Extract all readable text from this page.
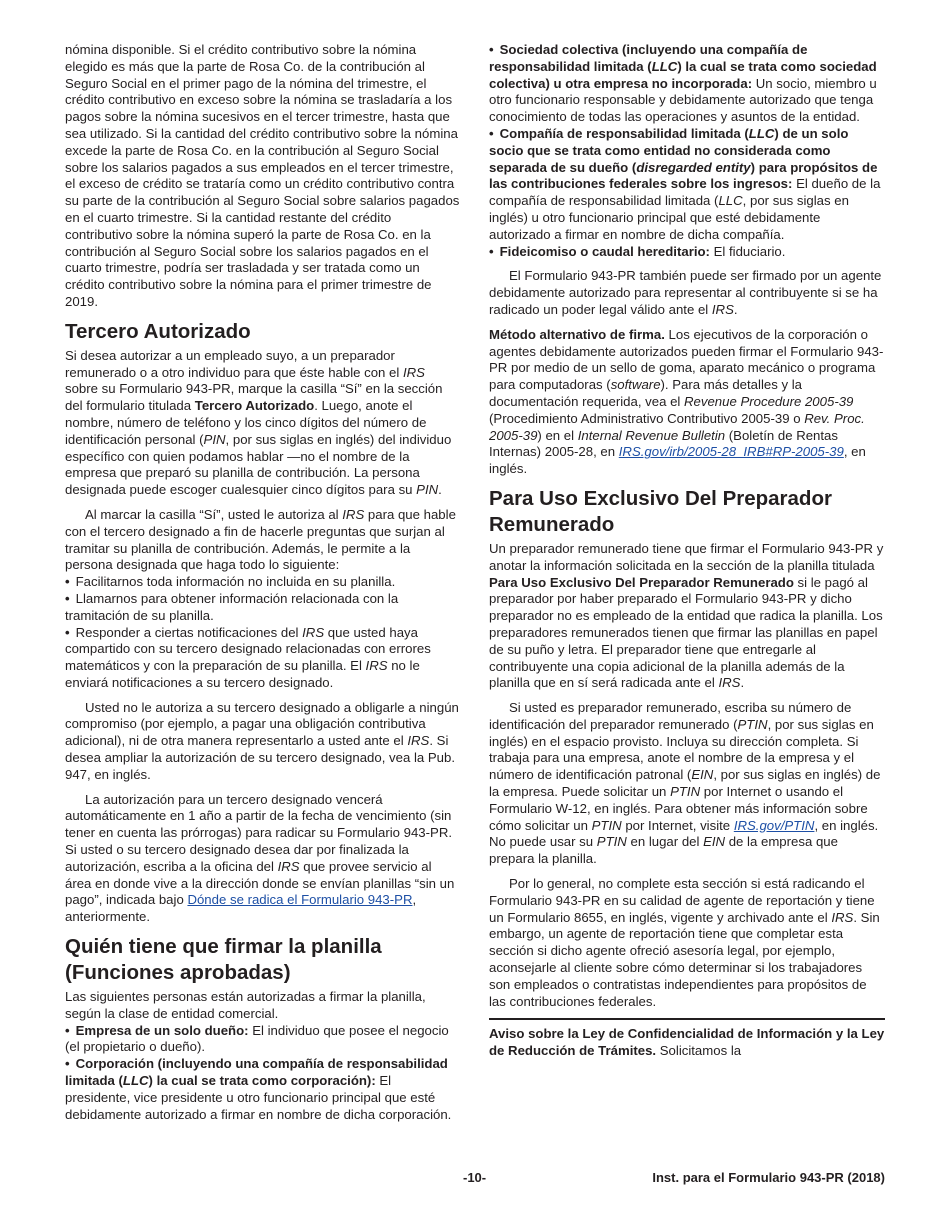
nómina disponible. Si el crédito contributivo sobre la nómina elegido es más que la parte de Rosa Co. de la contribución al Seguro Social en el primer pago de la nómina del trimestre, el crédito contributivo en exceso sobre la nómina se trasladaría a los pagos sobre la nómina sucesivos en el tercer trimestre, hasta que sea utilizado. Si la cantidad del crédito contributivo sobre la nómina excede la parte de Rosa Co. en la contribución al Seguro Social sobre los salarios pagados a sus empleados en el tercer trimestre, el exceso de crédito se trataría como un crédito contributivo contra su parte de la contribución al Seguro Social sobre salarios pagados en el cuarto trimestre. Si la cantidad restante del crédito contributivo sobre la nómina superó la parte de Rosa Co. en la contribución al Seguro Social sobre los salarios pagados en el cuarto trimestre, podría ser trasladada y ser tratada como un crédito contributivo sobre la nómina para el primer trimestre de 2019.

Tercero Autorizado

Si desea autorizar a un empleado suyo, a un preparador remunerado o a otro individuo para que éste hable con el IRS sobre su Formulario 943-PR, marque la casilla “Sí” en la sección del formulario titulada Tercero Autorizado. Luego, anote el nombre, número de teléfono y los cinco dígitos del número de identificación personal (PIN, por sus siglas en inglés) del individuo específico con quien podamos hablar —no el nombre de la empresa que preparó su planilla de contribución. La persona designada puede escoger cualesquier cinco dígitos para su PIN.

Al marcar la casilla “Sí”, usted le autoriza al IRS para que hable con el tercero designado a fin de hacerle preguntas que surjan al tramitar su planilla de contribución. Además, le permite a la persona designada que haga todo lo siguiente:

• Facilitarnos toda información no incluida en su planilla.

• Llamarnos para obtener información relacionada con la tramitación de su planilla.

• Responder a ciertas notificaciones del IRS que usted haya compartido con su tercero designado relacionadas con errores matemáticos y con la preparación de su planilla. El IRS no le enviará notificaciones a su tercero designado.

Usted no le autoriza a su tercero designado a obligarle a ningún compromiso (por ejemplo, a pagar una obligación contributiva adicional), ni de otra manera representarlo a usted ante el IRS. Si desea ampliar la autorización de su tercero designado, vea la Pub. 947, en inglés.

La autorización para un tercero designado vencerá automáticamente en 1 año a partir de la fecha de vencimiento (sin tener en cuenta las prórrogas) para radicar su Formulario 943-PR. Si usted o su tercero designado desea dar por finalizada la autorización, escriba a la oficina del IRS que provee servicio al área en donde vive a la dirección donde se envían planillas “sin un pago”, indicada bajo Dónde se radica el Formulario 943-PR, anteriormente.

Quién tiene que firmar la planilla (Funciones aprobadas)

Las siguientes personas están autorizadas a firmar la planilla, según la clase de entidad comercial.

• Empresa de un solo dueño: El individuo que posee el negocio (el propietario o dueño).

• Corporación (incluyendo una compañía de responsabilidad limitada (LLC) la cual se trata como corporación): El presidente, vice presidente u otro funcionario principal que esté debidamente autorizado a firmar en nombre de dicha corporación.

• Sociedad colectiva (incluyendo una compañía de responsabilidad limitada (LLC) la cual se trata como sociedad colectiva) u otra empresa no incorporada: Un socio, miembro u otro funcionario responsable y debidamente autorizado que tenga conocimiento de todas las operaciones y asuntos de la entidad.

• Compañía de responsabilidad limitada (LLC) de un solo socio que se trata como entidad no considerada como separada de su dueño (disregarded entity) para propósitos de las contribuciones federales sobre los ingresos: El dueño de la compañía de responsabilidad limitada (LLC, por sus siglas en inglés) u otro funcionario principal que esté debidamente autorizado a firmar en nombre de dicha compañía.

• Fideicomiso o caudal hereditario: El fiduciario.

El Formulario 943-PR también puede ser firmado por un agente debidamente autorizado para representar al contribuyente si se ha radicado un poder legal válido ante el IRS.

Método alternativo de firma. Los ejecutivos de la corporación o agentes debidamente autorizados pueden firmar el Formulario 943-PR por medio de un sello de goma, aparato mecánico o programa para computadoras (software). Para más detalles y la documentación requerida, vea el Revenue Procedure 2005-39 (Procedimiento Administrativo Contributivo 2005-39 o Rev. Proc. 2005-39) en el Internal Revenue Bulletin (Boletín de Rentas Internas) 2005-28, en IRS.gov/irb/2005-28_IRB#RP-2005-39, en inglés.

Para Uso Exclusivo Del Preparador Remunerado

Un preparador remunerado tiene que firmar el Formulario 943-PR y anotar la información solicitada en la sección de la planilla titulada Para Uso Exclusivo Del Preparador Remunerado si le pagó al preparador por haber preparado el Formulario 943-PR y dicho preparador no es empleado de la entidad que radica la planilla. Los preparadores remunerados tienen que firmar las planillas en papel de su puño y letra. El preparador tiene que entregarle al contribuyente una copia adicional de la planilla además de la planilla que en sí será radicada ante el IRS.

Si usted es preparador remunerado, escriba su número de identificación del preparador remunerado (PTIN, por sus siglas en inglés) en el espacio provisto. Incluya su dirección completa. Si trabaja para una empresa, anote el nombre de la empresa y el número de identificación patronal (EIN, por sus siglas en inglés) de la empresa. Puede solicitar un PTIN por Internet o usando el Formulario W-12, en inglés. Para obtener más información sobre cómo solicitar un PTIN por Internet, visite IRS.gov/PTIN, en inglés. No puede usar su PTIN en lugar del EIN de la empresa que prepara la planilla.

Por lo general, no complete esta sección si está radicando el Formulario 943-PR en su calidad de agente de reportación y tiene un Formulario 8655, en inglés, vigente y archivado ante el IRS. Sin embargo, un agente de reportación tiene que completar esta sección si dicho agente ofreció asesoría legal, por ejemplo, aconsejarle al cliente sobre cómo determinar si los trabajadores son empleados o contratistas independientes para propósitos de las contribuciones federales.

Aviso sobre la Ley de Confidencialidad de Información y la Ley de Reducción de Trámites. Solicitamos la

-10-	Inst. para el Formulario 943-PR (2018)
